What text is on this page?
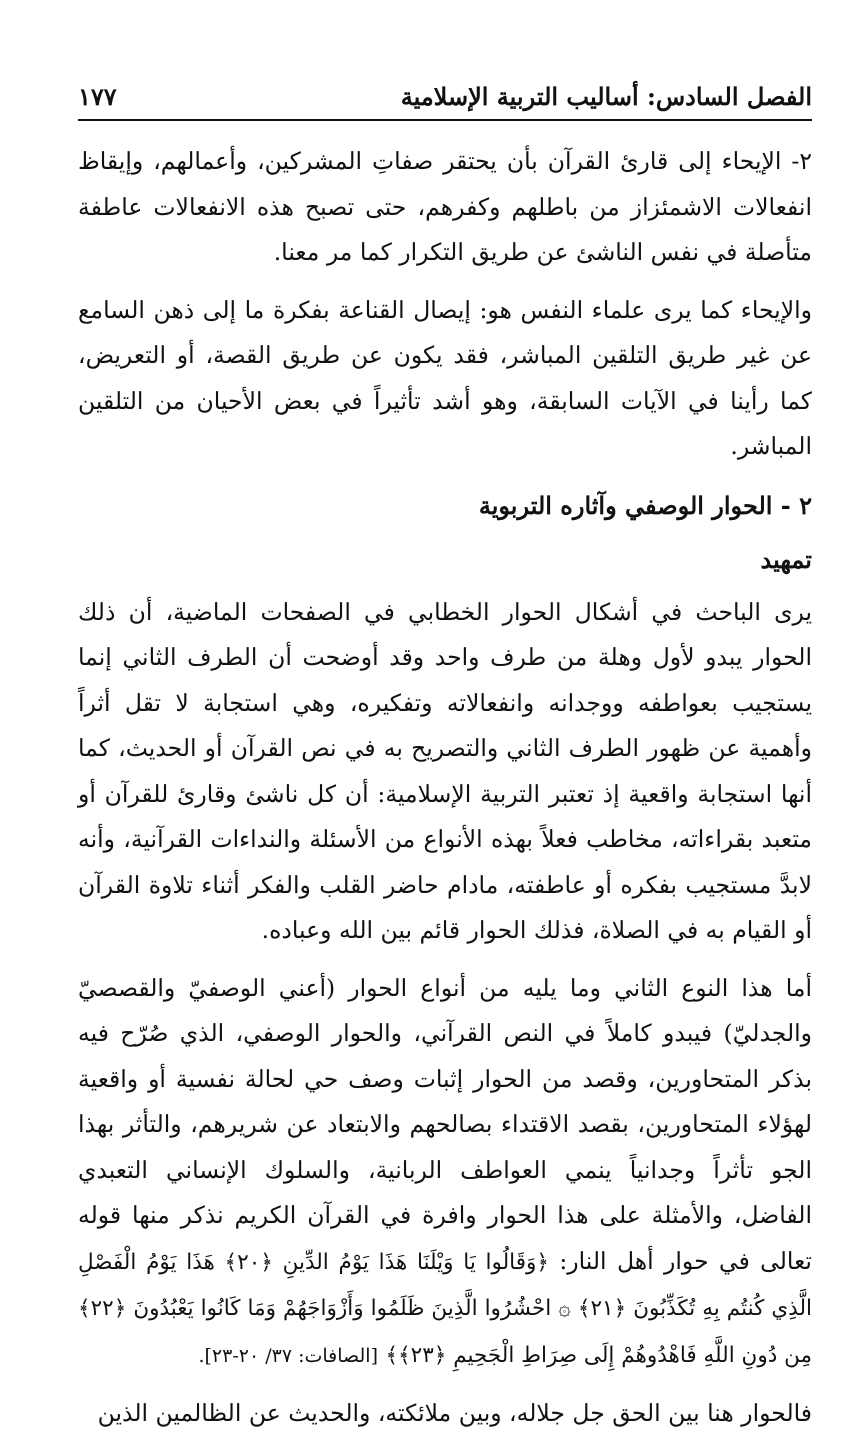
الفصل السادس: أساليب التربية الإسلامية
١٧٧

٢- الإيحاء إلى قارئ القرآن بأن يحتقر صفاتِ المشركين، وأعمالهم، وإيقاظ انفعالات الاشمئزاز من باطلهم وكفرهم، حتى تصبح هذه الانفعالات عاطفة متأصلة في نفس الناشئ عن طريق التكرار كما مر معنا.

والإيحاء كما يرى علماء النفس هو: إيصال القناعة بفكرة ما إلى ذهن السامع عن غير طريق التلقين المباشر، فقد يكون عن طريق القصة، أو التعريض، كما رأينا في الآيات السابقة، وهو أشد تأثيراً في بعض الأحيان من التلقين المباشر.

٢ - الحوار الوصفي وآثاره التربوية
تمهيد

يرى الباحث في أشكال الحوار الخطابي في الصفحات الماضية، أن ذلك الحوار يبدو لأول وهلة من طرف واحد وقد أوضحت أن الطرف الثاني إنما يستجيب بعواطفه ووجدانه وانفعالاته وتفكيره، وهي استجابة لا تقل أثراً وأهمية عن ظهور الطرف الثاني والتصريح به في نص القرآن أو الحديث، كما أنها استجابة واقعية إذ تعتبر التربية الإسلامية: أن كل ناشئ وقارئ للقرآن أو متعبد بقراءاته، مخاطب فعلاً بهذه الأنواع من الأسئلة والنداءات القرآنية، وأنه لابدَّ مستجيب بفكره أو عاطفته، مادام حاضر القلب والفكر أثناء تلاوة القرآن أو القيام به في الصلاة، فذلك الحوار قائم بين الله وعباده.

أما هذا النوع الثاني وما يليه من أنواع الحوار (أعني الوصفيّ والقصصيّ والجدليّ) فيبدو كاملاً في النص القرآني، والحوار الوصفي، الذي صُرّح فيه بذكر المتحاورين، وقصد من الحوار إثبات وصف حي لحالة نفسية أو واقعية لهؤلاء المتحاورين، بقصد الاقتداء بصالحهم والابتعاد عن شريرهم، والتأثر بهذا الجو تأثراً وجدانياً ينمي العواطف الربانية، والسلوك الإنساني التعبدي الفاضل، والأمثلة على هذا الحوار وافرة في القرآن الكريم نذكر منها قوله تعالى في حوار أهل النار: ﴿وَقَالُوا يَا وَيْلَنَا هَذَا يَوْمُ الدِّينِ ﴿٢٠﴾ هَذَا يَوْمُ الْفَصْلِ الَّذِي كُنتُم بِهِ تُكَذِّبُونَ ﴿٢١﴾ ۞ احْشُرُوا الَّذِينَ ظَلَمُوا وَأَزْوَاجَهُمْ وَمَا كَانُوا يَعْبُدُونَ ﴿٢٢﴾ مِن دُونِ اللَّهِ فَاهْدُوهُمْ إِلَى صِرَاطِ الْجَحِيمِ ﴿٢٣﴾﴾ [الصافات: ٣٧/ ٢٠-٢٣].

فالحوار هنا بين الحق جل جلاله، وبين ملائكته، والحديث عن الظالمين الذين
